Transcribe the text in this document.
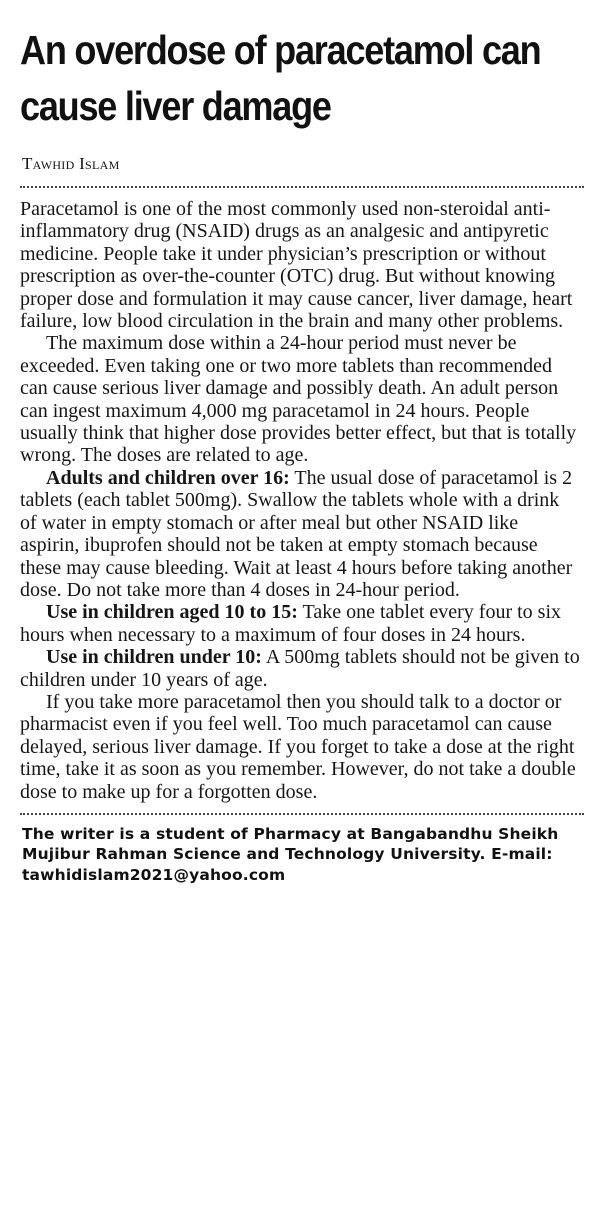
An overdose of paracetamol can cause liver damage
Tawhid Islam

Paracetamol is one of the most commonly used non-steroidal anti-inflammatory drug (NSAID) drugs as an analgesic and antipyretic medicine. People take it under physician’s prescription or without prescription as over-the-counter (OTC) drug. But without knowing proper dose and formulation it may cause cancer, liver damage, heart failure, low blood circulation in the brain and many other problems.

The maximum dose within a 24-hour period must never be exceeded. Even taking one or two more tablets than recommended can cause serious liver damage and possibly death. An adult person can ingest maximum 4,000 mg paracetamol in 24 hours. People usually think that higher dose provides better effect, but that is totally wrong. The doses are related to age.

Adults and children over 16: The usual dose of paracetamol is 2 tablets (each tablet 500mg). Swallow the tablets whole with a drink of water in empty stomach or after meal but other NSAID like aspirin, ibuprofen should not be taken at empty stomach because these may cause bleeding. Wait at least 4 hours before taking another dose. Do not take more than 4 doses in 24-hour period.

Use in children aged 10 to 15: Take one tablet every four to six hours when necessary to a maximum of four doses in 24 hours.

Use in children under 10: A 500mg tablets should not be given to children under 10 years of age.

If you take more paracetamol then you should talk to a doctor or pharmacist even if you feel well. Too much paracetamol can cause delayed, serious liver damage. If you forget to take a dose at the right time, take it as soon as you remember. However, do not take a double dose to make up for a forgotten dose.

The writer is a student of Pharmacy at Bangabandhu Sheikh Mujibur Rahman Science and Technology University. E-mail: tawhidislam2021@yahoo.com
